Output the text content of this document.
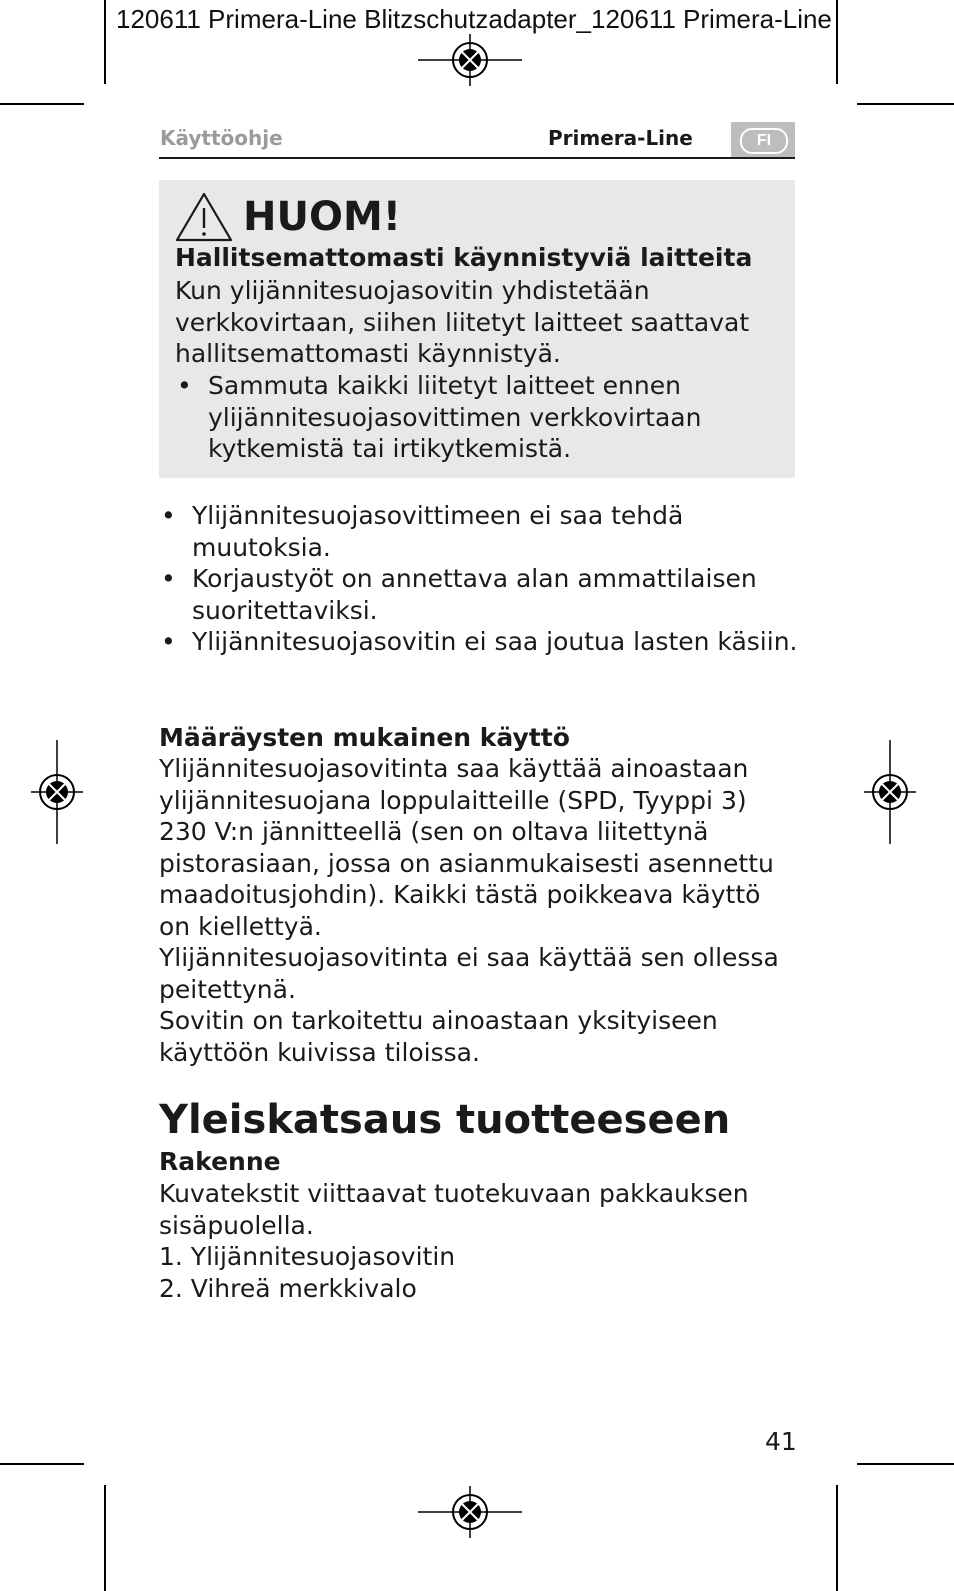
120611 Primera-Line Blitzschutzadapter_120611 Primera-Line
Käyttöohje	Primera-Line	FI
HUOM!
Hallitsemattomasti käynnistyviä laitteita
Kun ylijännitesuojasovitin yhdistetään verkkovirtaan, siihen liitetyt laitteet saattavat hallitsemattomasti käynnistyä.
• Sammuta kaikki liitetyt laitteet ennen ylijännitesuojasovittimen verkkovirtaan kytkemistä tai irtikytkemistä.
• Ylijännitesuojasovittimeen ei saa tehdä muutoksia.
• Korjaustyöt on annettava alan ammattilaisen suoritettaviksi.
• Ylijännitesuojasovitin ei saa joutua lasten käsiin.
Määräysten mukainen käyttö

Ylijännitesuojasovitinta saa käyttää ainoastaan ylijännitesuojana loppulaitteille (SPD, Tyyppi 3) 230 V:n jännitteellä (sen on oltava liitettynä pistorasiaan, jossa on asianmukaisesti asennettu maadoitusjohdin). Kaikki tästä poikkeava käyttö on kiellettyä.

Ylijännitesuojasovitinta ei saa käyttää sen ollessa peitettynä.

Sovitin on tarkoitettu ainoastaan yksityiseen käyttöön kuivissa tiloissa.

Yleiskatsaus tuotteeseen
Rakenne
Kuvatekstit viittaavat tuotekuvaan pakkauksen sisäpuolella.
1. Ylijännitesuojasovitin
2. Vihreä merkkivalo
41
